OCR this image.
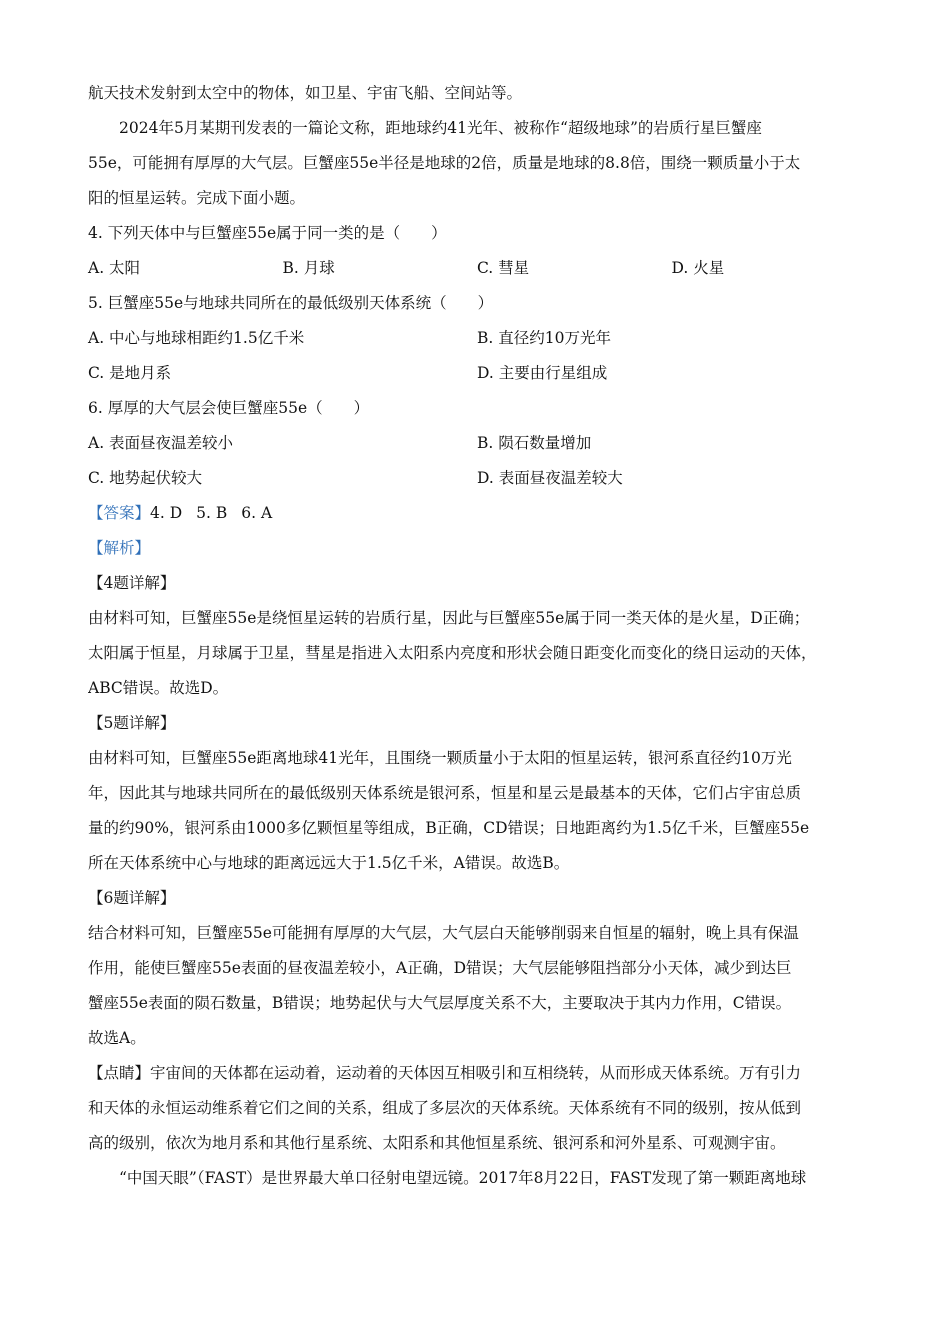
航天技术发射到太空中的物体，如卫星、宇宙飞船、空间站等。
2024年5月某期刊发表的一篇论文称，距地球约41光年、被称作“超级地球”的岩质行星巨蟹座
55e，可能拥有厚厚的大气层。巨蟹座55e半径是地球的2倍，质量是地球的8.8倍，围绕一颗质量小于太
阳的恒星运转。完成下面小题。
4. 下列天体中与巨蟹座55e属于同一类的是（　　）
A. 太阳	B. 月球	C. 彗星	D. 火星
5. 巨蟹座55e与地球共同所在的最低级别天体系统（　　）
A. 中心与地球相距约1.5亿千米	B. 直径约10万光年
C. 是地月系	D. 主要由行星组成
6. 厚厚的大气层会使巨蟹座55e（　　）
A. 表面昼夜温差较小	B. 陨石数量增加
C. 地势起伏较大	D. 表面昼夜温差较大
【答案】4. D 5. B 6. A
【解析】
【4题详解】
由材料可知，巨蟹座55e是绕恒星运转的岩质行星，因此与巨蟹座55e属于同一类天体的是火星，D正确；
太阳属于恒星，月球属于卫星，彗星是指进入太阳系内亮度和形状会随日距变化而变化的绕日运动的天体，
ABC错误。故选D。
【5题详解】
由材料可知，巨蟹座55e距离地球41光年，且围绕一颗质量小于太阳的恒星运转，银河系直径约10万光
年，因此其与地球共同所在的最低级别天体系统是银河系，恒星和星云是最基本的天体，它们占宇宙总质
量的约90%，银河系由1000多亿颗恒星等组成，B正确，CD错误；日地距离约为1.5亿千米，巨蟹座55e
所在天体系统中心与地球的距离远远大于1.5亿千米，A错误。故选B。
【6题详解】
结合材料可知，巨蟹座55e可能拥有厚厚的大气层，大气层白天能够削弱来自恒星的辐射，晚上具有保温
作用，能使巨蟹座55e表面的昼夜温差较小，A正确，D错误；大气层能够阻挡部分小天体，减少到达巨
蟹座55e表面的陨石数量，B错误；地势起伏与大气层厚度关系不大，主要取决于其内力作用，C错误。
故选A。
【点睛】宇宙间的天体都在运动着，运动着的天体因互相吸引和互相绕转，从而形成天体系统。万有引力
和天体的永恒运动维系着它们之间的关系，组成了多层次的天体系统。天体系统有不同的级别，按从低到
高的级别，依次为地月系和其他行星系统、太阳系和其他恒星系统、银河系和河外星系、可观测宇宙。
“中国天眼”（FAST）是世界最大单口径射电望远镜。2017年8月22日，FAST发现了第一颗距离地球
